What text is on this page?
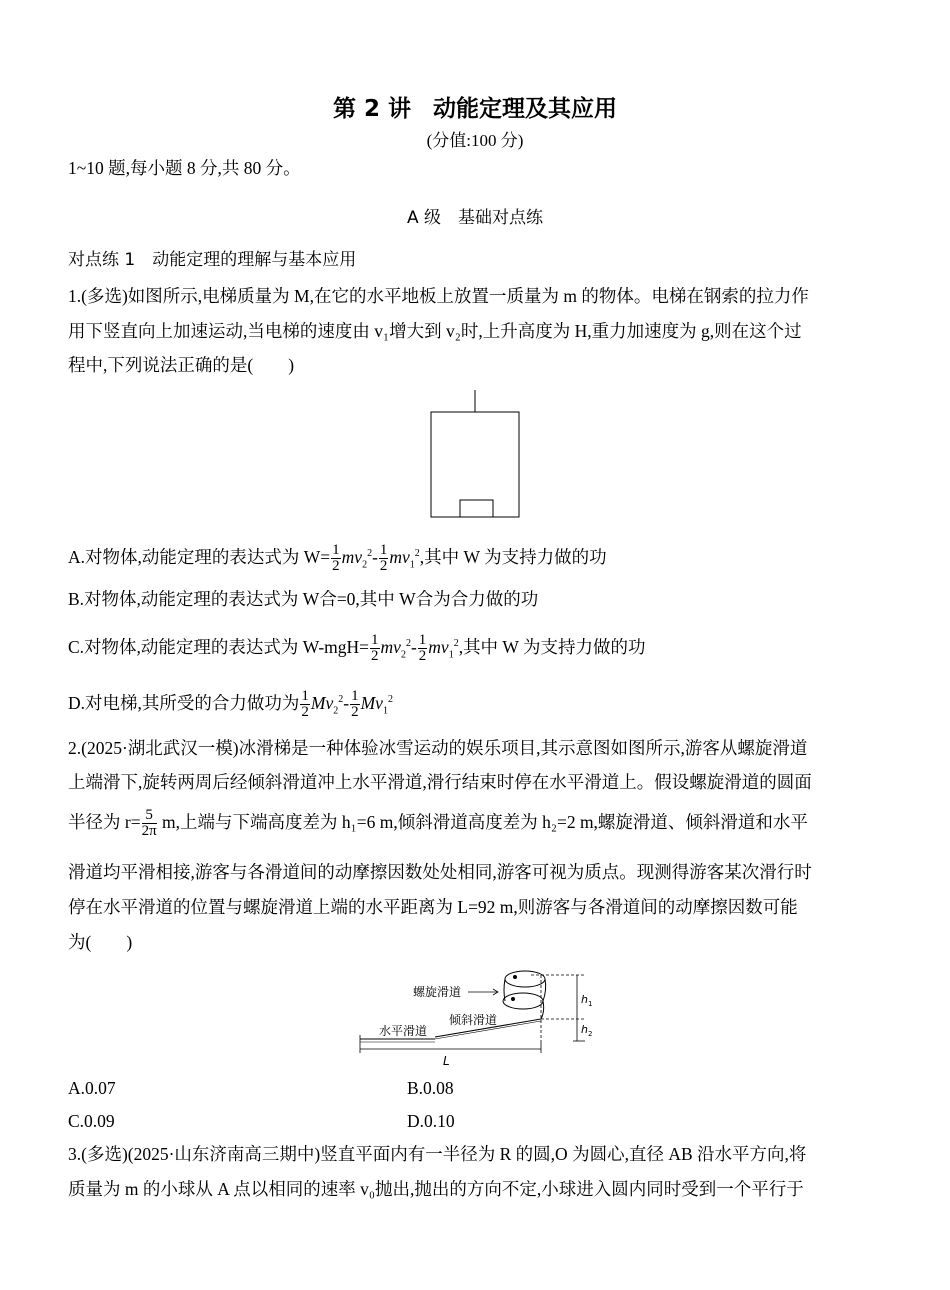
第 2 讲 动能定理及其应用
(分值:100 分)
1~10 题,每小题 8 分,共 80 分。
A 级　基础对点练
对点练 1　动能定理的理解与基本应用
1.(多选)如图所示,电梯质量为 M,在它的水平地板上放置一质量为 m 的物体。电梯在钢索的拉力作
用下竖直向上加速运动,当电梯的速度由 v₁增大到 v₂时,上升高度为 H,重力加速度为 g,则在这个过
程中,下列说法正确的是(　　)
A.对物体,动能定理的表达式为 $W= \frac{1}{2} mv_2^2- \frac{1}{2} mv_1^2$,其中 W 为支持力做的功
B.对物体,动能定理的表达式为 W合=0,其中 W合为合力做的功
C.对物体,动能定理的表达式为 $W-mgH= \frac{1}{2} mv_2^2- \frac{1}{2} mv_1^2$,其中 W 为支持力做的功
D.对电梯,其所受的合力做功为 $\frac{1}{2} Mv_2^2- \frac{1}{2} Mv_1^2$
2.(2025·湖北武汉一模)冰滑梯是一种体验冰雪运动的娱乐项目,其示意图如图所示,游客从螺旋滑道
上端滑下,旋转两周后经倾斜滑道冲上水平滑道,滑行结束时停在水平滑道上。假设螺旋滑道的圆面
半径为 $r= \frac{5}{2\pi} m$,上端与下端高度差为 h₁=6 m,倾斜滑道高度差为 h₂=2 m,螺旋滑道、倾斜滑道和水平
滑道均平滑相接,游客与各滑道间的动摩擦因数处处相同,游客可视为质点。现测得游客某次滑行时
停在水平滑道的位置与螺旋滑道上端的水平距离为 L=92 m,则游客与各滑道间的动摩擦因数可能
为(　　)
L
$h_1$
$h_2$
螺旋滑道
倾斜滑道
水平滑道
A.0.07	B.0.08
C.0.09	D.0.10
3.(多选)(2025·山东济南高三期中)竖直平面内有一半径为 R 的圆,O 为圆心,直径 AB 沿水平方向,将
质量为 m 的小球从 A 点以相同的速率 v₀抛出,抛出的方向不定,小球进入圆内同时受到一个平行于
